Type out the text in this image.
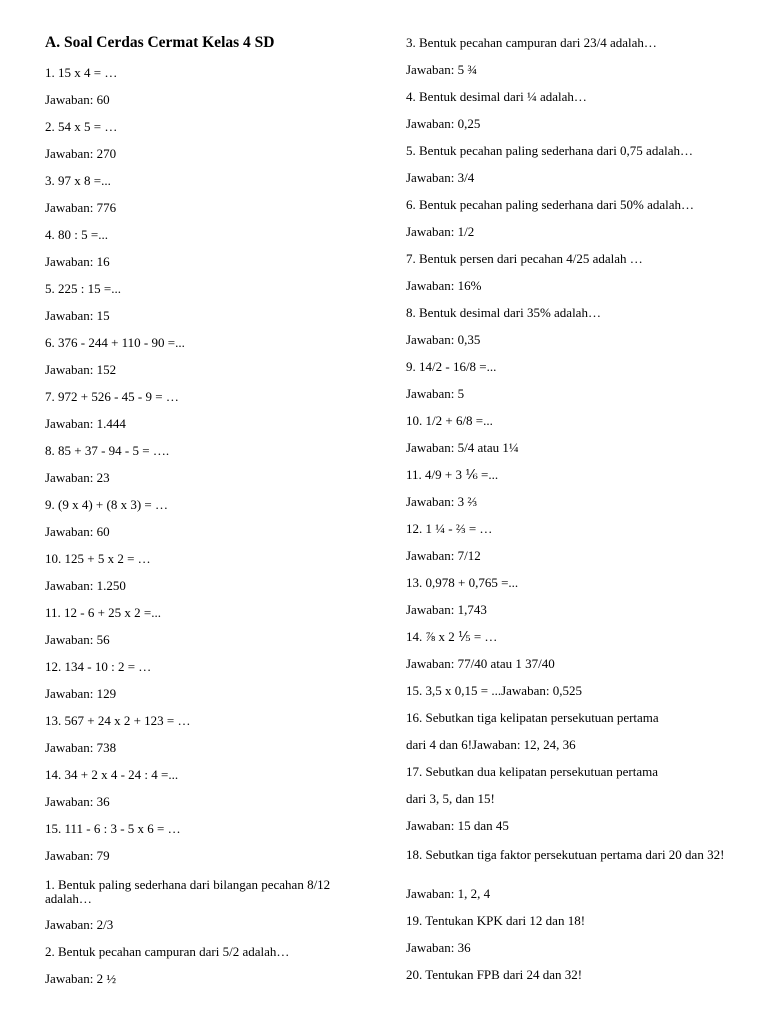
A. Soal Cerdas Cermat Kelas 4 SD
1. 15 x 4 = …
Jawaban: 60
2. 54 x 5 = …
Jawaban: 270
3. 97 x 8 =...
Jawaban: 776
4. 80 : 5 =...
Jawaban: 16
5. 225 : 15 =...
Jawaban: 15
6. 376 - 244 + 110 - 90 =...
Jawaban: 152
7. 972 + 526 - 45 - 9 = …
Jawaban: 1.444
8. 85 + 37 - 94 - 5 = ….
Jawaban: 23
9. (9 x 4) + (8 x 3) = …
Jawaban: 60
10. 125 + 5 x 2 = …
Jawaban: 1.250
11. 12 - 6 + 25 x 2 =...
Jawaban: 56
12. 134 - 10 : 2 = …
Jawaban: 129
13. 567 + 24 x 2 + 123 = …
Jawaban: 738
14. 34 + 2 x 4 - 24 : 4 =...
Jawaban: 36
15. 111 - 6 : 3 - 5 x 6 = …
Jawaban: 79
1. Bentuk paling sederhana dari bilangan pecahan 8/12 adalah…
Jawaban: 2/3
2. Bentuk pecahan campuran dari 5/2 adalah…
Jawaban: 2 ½
3. Bentuk pecahan campuran dari 23/4 adalah…
Jawaban: 5 ¾
4. Bentuk desimal dari ¼ adalah…
Jawaban: 0,25
5. Bentuk pecahan paling sederhana dari 0,75 adalah…
Jawaban: 3/4
6. Bentuk pecahan paling sederhana dari 50% adalah…
Jawaban: 1/2
7. Bentuk persen dari pecahan 4/25 adalah …
Jawaban: 16%
8. Bentuk desimal dari 35% adalah…
Jawaban: 0,35
9. 14/2 - 16/8 =...
Jawaban: 5
10. 1/2 + 6/8 =...
Jawaban: 5/4 atau 1¼
11. 4/9 + 3 ⅙ =...
Jawaban: 3 ⅔
12. 1 ¼ - ⅔ = …
Jawaban: 7/12
13. 0,978 + 0,765 =...
Jawaban: 1,743
14. ⅞ x 2 ⅕ = …
Jawaban: 77/40 atau 1 37/40
15. 3,5 x 0,15 = ...Jawaban: 0,525
16. Sebutkan tiga kelipatan persekutuan pertama
dari 4 dan 6!Jawaban: 12, 24, 36
17. Sebutkan dua kelipatan persekutuan pertama
dari 3, 5, dan 15!
Jawaban: 15 dan 45
18. Sebutkan tiga faktor persekutuan pertama dari 20 dan 32!
Jawaban: 1, 2, 4
19. Tentukan KPK dari 12 dan 18!
Jawaban: 36
20. Tentukan FPB dari 24 dan 32!
